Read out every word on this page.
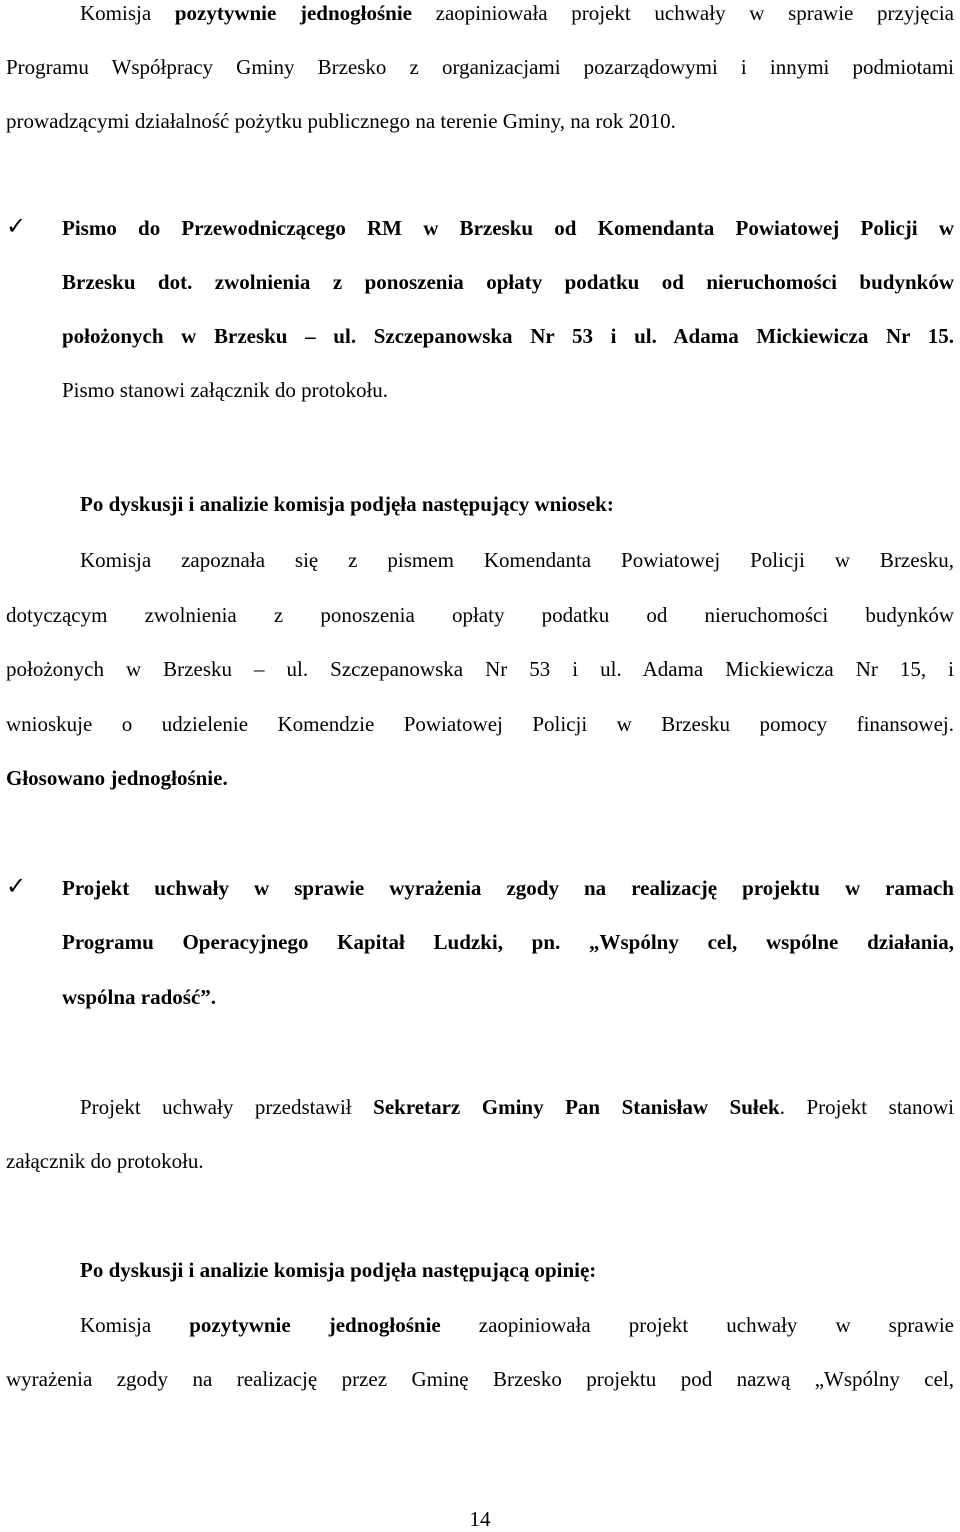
Komisja pozytywnie jednogłośnie zaopiniowała projekt uchwały w sprawie przyjęcia
Programu Współpracy Gminy Brzesko z organizacjami pozarządowymi i innymi podmiotami
prowadzącymi działalność pożytku publicznego na terenie Gminy, na rok 2010.
✓ Pismo do Przewodniczącego RM w Brzesku od Komendanta Powiatowej Policji w
Brzesku dot. zwolnienia z ponoszenia opłaty podatku od nieruchomości budynków
położonych w Brzesku – ul. Szczepanowska Nr 53 i ul. Adama Mickiewicza Nr 15.
Pismo stanowi załącznik do protokołu.
Po dyskusji i analizie komisja podjęła następujący wniosek:
Komisja zapoznała się z pismem Komendanta Powiatowej Policji w Brzesku,
dotyczącym zwolnienia z ponoszenia opłaty podatku od nieruchomości budynków
położonych w Brzesku – ul. Szczepanowska Nr 53 i ul. Adama Mickiewicza Nr 15, i
wnioskuje o udzielenie Komendzie Powiatowej Policji w Brzesku pomocy finansowej.
Głosowano jednogłośnie.
✓ Projekt uchwały w sprawie wyrażenia zgody na realizację projektu w ramach
Programu Operacyjnego Kapitał Ludzki, pn. „Wspólny cel, wspólne działania,
wspólna radość”.
Projekt uchwały przedstawił Sekretarz Gminy Pan Stanisław Sułek. Projekt stanowi
załącznik do protokołu.
Po dyskusji i analizie komisja podjęła następującą opinię:
Komisja pozytywnie jednogłośnie zaopiniowała projekt uchwały w sprawie
wyrażenia zgody na realizację przez Gminę Brzesko projektu pod nazwą „Wspólny cel,
14
